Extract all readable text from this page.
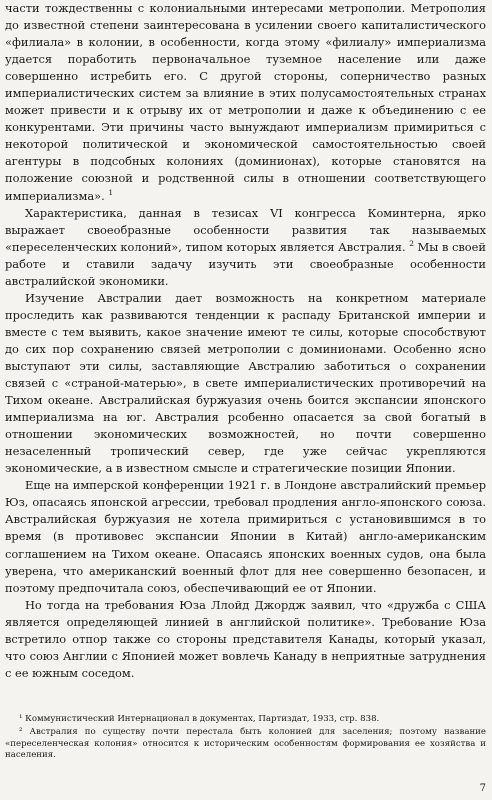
части тождественны с колониальными интересами метрополии. Метрополия до известной степени заинтересована в усилении своего капиталистического «филиала» в колонии, в особенности, когда этому «филиалу» империализма удается поработить первоначальное туземное население или даже совершенно истребить его. С другой стороны, соперничество разных империалистических систем за влияние в этих полусамостоятельных странах может привести и к отрыву их от метрополии и даже к объединению с ее конкурентами. Эти причины часто вынуждают империализм примириться с некоторой политической и экономической самостоятельностью своей агентуры в подсобных колониях (доминионах), которые становятся на положение союзной и родственной силы в отношении соответствующего империализма». $^1$

Характеристика, данная в тезисах VI конгресса Коминтерна, ярко выражает своеобразные особенности развития так называемых «переселенческих колоний», типом которых является Австралия. $^2$ Мы в своей работе и ставили задачу изучить эти своеобразные особенности австралийской экономики.

Изучение Австралии дает возможность на конкретном материале проследить как развиваются тенденции к распаду Британской империи и вместе с тем выявить, какое значение имеют те силы, которые способствуют до сих пор сохранению связей метрополии с доминионами. Особенно ясно выступают эти силы, заставляющие Австралию заботиться о сохранении связей с «страной-матерью», в свете империалистических противоречий на Тихом океане. Австралийская буржуазия очень боится экспансии японского империализма на юг. Австралия рсобенно опасается за свой богатый в отношении экономических возможностей, но почти совершенно незаселенный тропический север, где уже сейчас укрепляются экономические, а в известном смысле и стратегические позиции Японии.

Еще на имперской конференции 1921 г. в Лондоне австралийский премьер Юз, опасаясь японской агрессии, требовал продления англо-японского союза. Австралийская буржуазия не хотела примириться с установившимся в то время (в противовес экспансии Японии в Китай) англо-американским соглашением на Тихом океане. Опасаясь японских военных судов, она была уверена, что американский военный флот для нее совершенно безопасен, и поэтому предпочитала союз, обеспечивающий ее от Японии.

Но тогда на требования Юза Ллойд Джордж заявил, что «дружба с США является определяющей линией в английской политике». Требование Юза встретило отпор также со стороны представителя Канады, который указал, что союз Англии с Японией может вовлечь Канаду в неприятные затруднения с ее южным соседом.

¹ Коммунистический Интернационал в документах, Партиздат, 1933, стр. 838.

² Австралия по существу почти перестала быть колонией для заселения; поэтому название «переселенческая колония» относится к историческим особенностям формирования ее хозяйства и населения.

7
